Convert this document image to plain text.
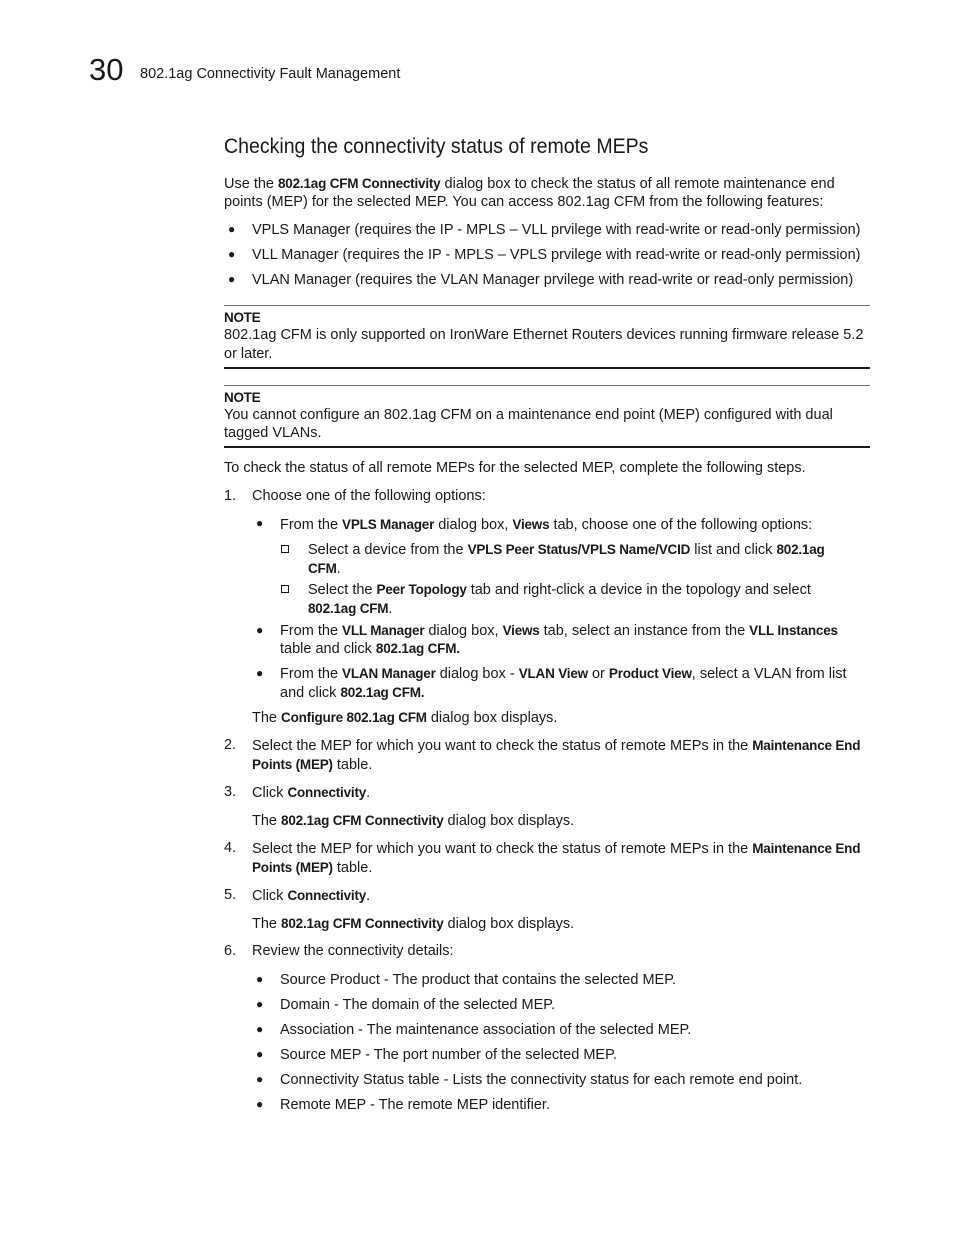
30 802.1ag Connectivity Fault Management
Checking the connectivity status of remote MEPs

Use the 802.1ag CFM Connectivity dialog box to check the status of all remote maintenance end

points (MEP) for the selected MEP. You can access 802.1ag CFM from the following features:

● VPLS Manager (requires the IP - MPLS – VLL prvilege with read-write or read-only permission)

● VLL Manager (requires the IP - MPLS – VPLS prvilege with read-write or read-only permission)

● VLAN Manager (requires the VLAN Manager prvilege with read-write or read-only permission)

NOTE

802.1ag CFM is only supported on IronWare Ethernet Routers devices running firmware release 5.2

or later.

NOTE

You cannot configure an 802.1ag CFM on a maintenance end point (MEP) configured with dual

tagged VLANs.

To check the status of all remote MEPs for the selected MEP, complete the following steps.

1. Choose one of the following options:

● From the VPLS Manager dialog box, Views tab, choose one of the following options:

Select a device from the VPLS Peer Status/VPLS Name/VCID list and click 802.1ag

CFM.

Select the Peer Topology tab and right-click a device in the topology and select

802.1ag CFM.

● From the VLL Manager dialog box, Views tab, select an instance from the VLL Instances

table and click 802.1ag CFM.

● From the VLAN Manager dialog box - VLAN View or Product View, select a VLAN from list

and click 802.1ag CFM.

The Configure 802.1ag CFM dialog box displays.

2. Select the MEP for which you want to check the status of remote MEPs in the Maintenance End

Points (MEP) table.

3. Click Connectivity.

The 802.1ag CFM Connectivity dialog box displays.

4. Select the MEP for which you want to check the status of remote MEPs in the Maintenance End

Points (MEP) table.

5. Click Connectivity.

The 802.1ag CFM Connectivity dialog box displays.

6. Review the connectivity details:

● Source Product - The product that contains the selected MEP.

● Domain - The domain of the selected MEP.

● Association - The maintenance association of the selected MEP.

● Source MEP - The port number of the selected MEP.

● Connectivity Status table - Lists the connectivity status for each remote end point.

● Remote MEP - The remote MEP identifier.
